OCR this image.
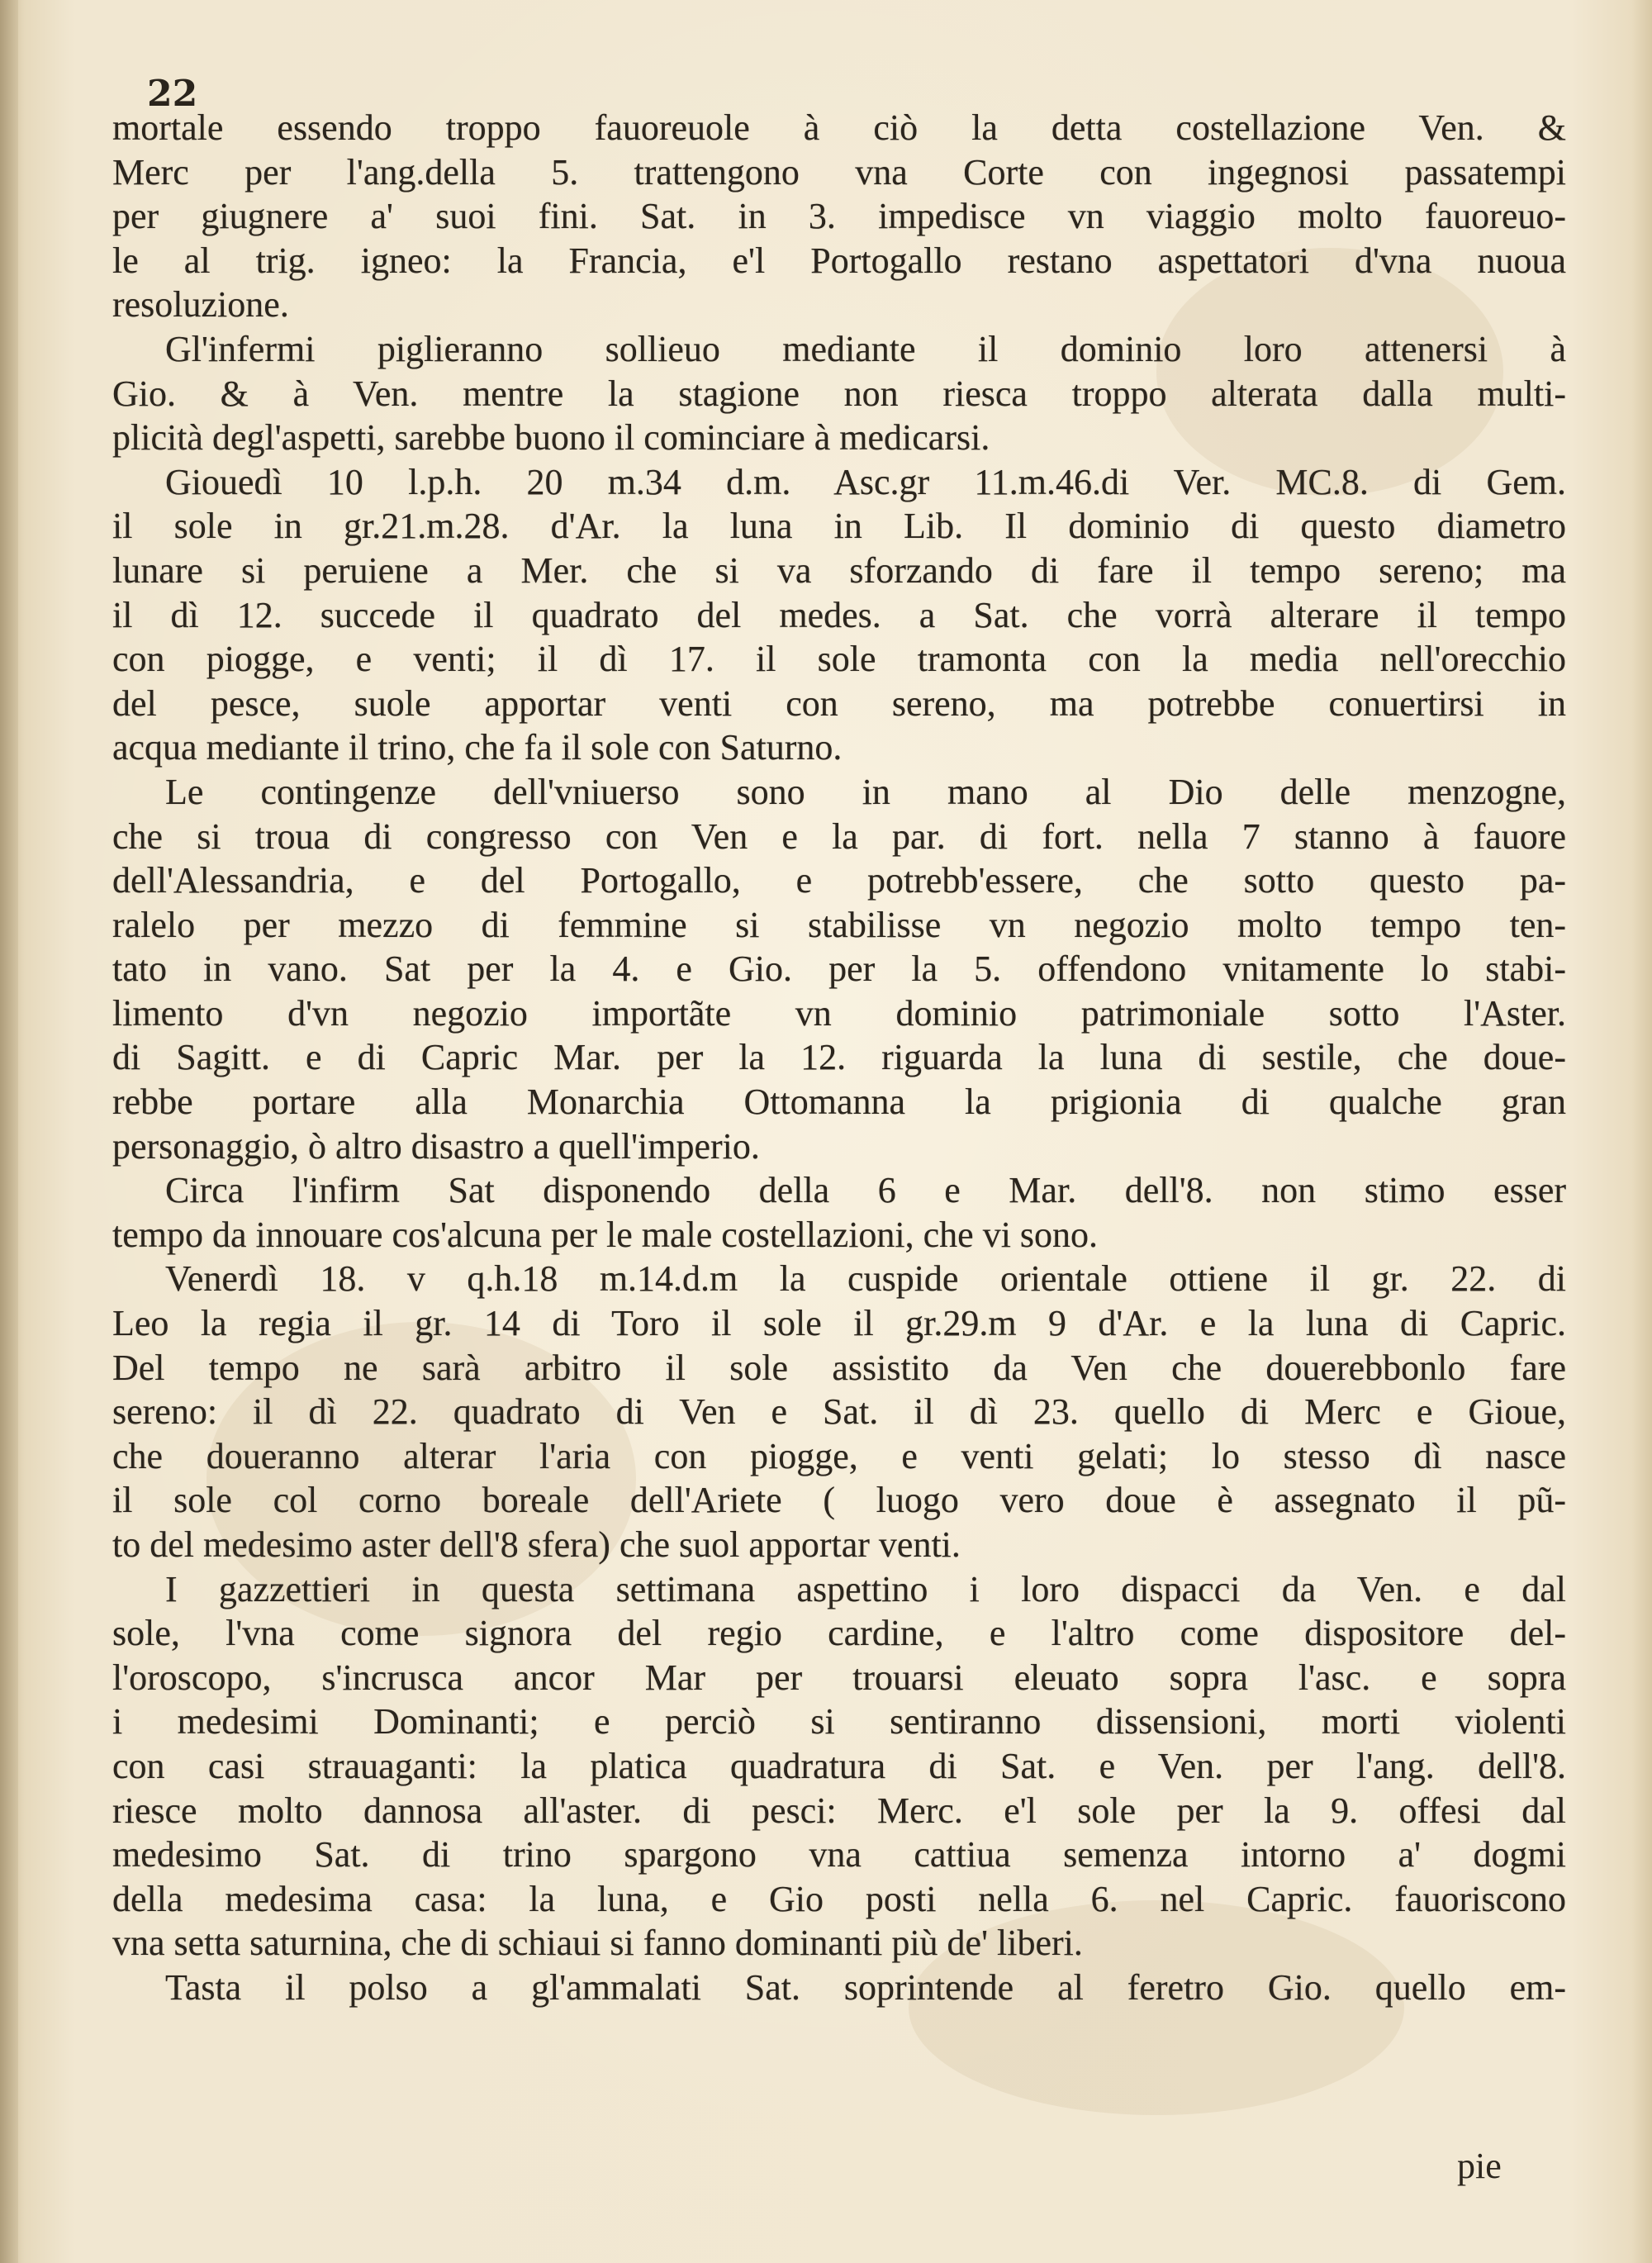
22
mortale essendo troppo fauoreuole à ciò la detta costellazione Ven. &
Merc per l'ang.della 5. trattengono vna Corte con ingegnosi passatempi
per giugnere a' suoi fini. Sat. in 3. impedisce vn viaggio molto fauoreuo-
le al trig. igneo: la Francia, e'l Portogallo restano aspettatori d'vna nuoua
resoluzione.
Gl'infermi piglieranno sollieuo mediante il dominio loro attenersi à
Gio. & à Ven. mentre la stagione non riesca troppo alterata dalla multi-
plicità degl'aspetti, sarebbe buono il cominciare à medicarsi.
Giouedì 10 l.p.h. 20 m.34 d.m. Asc.gr 11.m.46.di Ver. MC.8. di Gem.
il sole in gr.21.m.28. d'Ar. la luna in Lib. Il dominio di questo diametro
lunare si peruiene a Mer. che si va sforzando di fare il tempo sereno; ma
il dì 12. succede il quadrato del medes. a Sat. che vorrà alterare il tempo
con piogge, e venti; il dì 17. il sole tramonta con la media nell'orecchio
del pesce, suole apportar venti con sereno, ma potrebbe conuertirsi in
acqua mediante il trino, che fa il sole con Saturno.
Le contingenze dell'vniuerso sono in mano al Dio delle menzogne,
che si troua di congresso con Ven e la par. di fort. nella 7 stanno à fauore
dell'Alessandria, e del Portogallo, e potrebb'essere, che sotto questo pa-
ralelo per mezzo di femmine si stabilisse vn negozio molto tempo ten-
tato in vano. Sat per la 4. e Gio. per la 5. offendono vnitamente lo stabi-
limento d'vn negozio importãte vn dominio patrimoniale sotto l'Aster.
di Sagitt. e di Capric Mar. per la 12. riguarda la luna di sestile, che doue-
rebbe portare alla Monarchia Ottomanna la prigionia di qualche gran
personaggio, ò altro disastro a quell'imperio.
Circa l'infirm Sat disponendo della 6 e Mar. dell'8. non stimo esser
tempo da innouare cos'alcuna per le male costellazioni, che vi sono.
Venerdì 18. v q.h.18 m.14.d.m la cuspide orientale ottiene il gr. 22. di
Leo la regia il gr. 14 di Toro il sole il gr.29.m 9 d'Ar. e la luna di Capric.
Del tempo ne sarà arbitro il sole assistito da Ven che douerebbonlo fare
sereno: il dì 22. quadrato di Ven e Sat. il dì 23. quello di Merc e Gioue,
che doueranno alterar l'aria con piogge, e venti gelati; lo stesso dì nasce
il sole col corno boreale dell'Ariete ( luogo vero doue è assegnato il pũ-
to del medesimo aster dell'8 sfera) che suol apportar venti.
I gazzettieri in questa settimana aspettino i loro dispacci da Ven. e dal
sole, l'vna come signora del regio cardine, e l'altro come dispositore del-
l'oroscopo, s'incrusca ancor Mar per trouarsi eleuato sopra l'asc. e sopra
i medesimi Dominanti; e perciò si sentiranno dissensioni, morti violenti
con casi strauaganti: la platica quadratura di Sat. e Ven. per l'ang. dell'8.
riesce molto dannosa all'aster. di pesci: Merc. e'l sole per la 9. offesi dal
medesimo Sat. di trino spargono vna cattiua semenza intorno a' dogmi
della medesima casa: la luna, e Gio posti nella 6. nel Capric. fauoriscono
vna setta saturnina, che di schiaui si fanno dominanti più de' liberi.
Tasta il polso a gl'ammalati Sat. soprintende al feretro Gio. quello em-
pie
